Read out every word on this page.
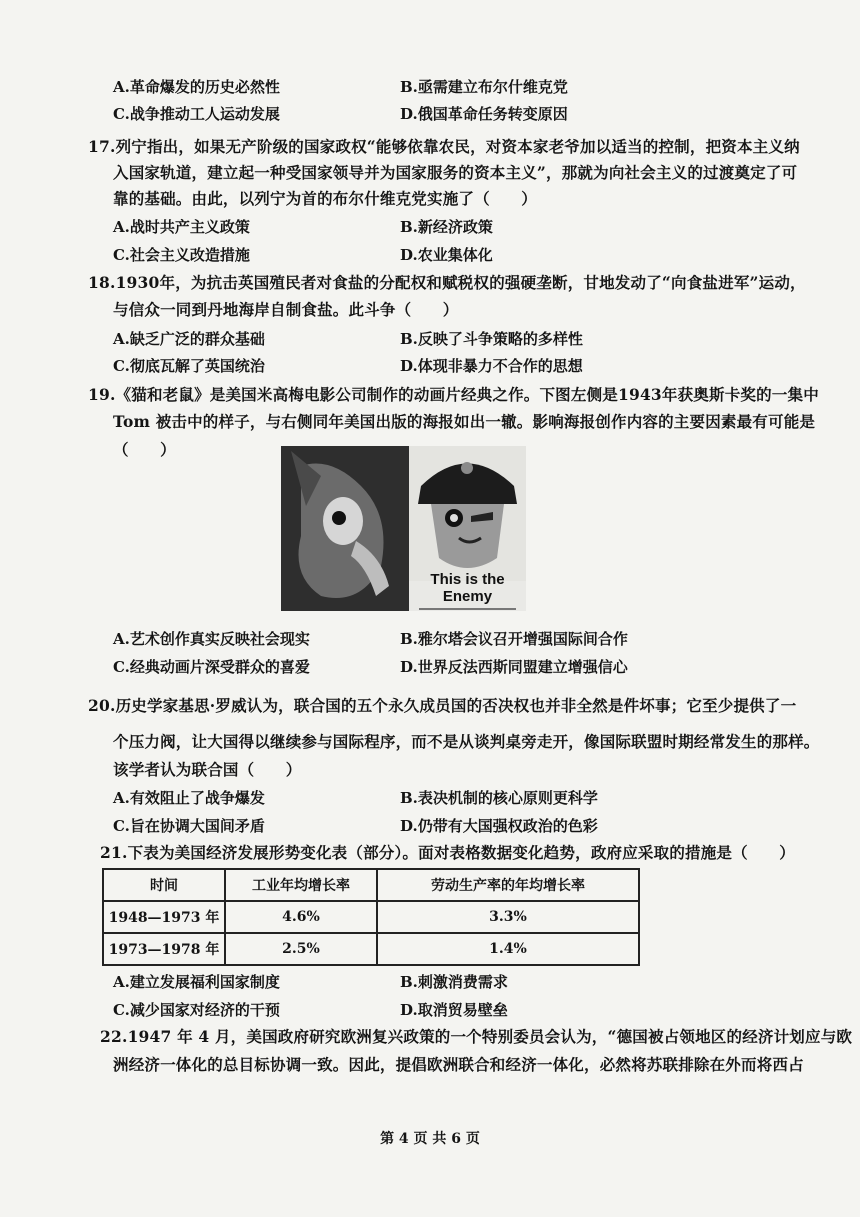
A.革命爆发的历史必然性	B.亟需建立布尔什维克党
C.战争推动工人运动发展	D.俄国革命任务转变原因
17.列宁指出，如果无产阶级的国家政权“能够依靠农民，对资本家老爷加以适当的控制，把资本主义纳
入国家轨道，建立起一种受国家领导并为国家服务的资本主义”，那就为向社会主义的过渡奠定了可
靠的基础。由此，以列宁为首的布尔什维克党实施了（　　）
A.战时共产主义政策	B.新经济政策
C.社会主义改造措施	D.农业集体化
18.1930年，为抗击英国殖民者对食盐的分配权和赋税权的强硬垄断，甘地发动了“向食盐进军”运动，
与信众一同到丹地海岸自制食盐。此斗争（　　）
A.缺乏广泛的群众基础	B.反映了斗争策略的多样性
C.彻底瓦解了英国统治	D.体现非暴力不合作的思想
19.《猫和老鼠》是美国米高梅电影公司制作的动画片经典之作。下图左侧是1943年获奥斯卡奖的一集中
Tom 被击中的样子，与右侧同年美国出版的海报如出一辙。影响海报创作内容的主要因素最有可能是
（　　）
This is the Enemy
A.艺术创作真实反映社会现实	B.雅尔塔会议召开增强国际间合作
C.经典动画片深受群众的喜爱	D.世界反法西斯同盟建立增强信心
20.历史学家基思·罗威认为，联合国的五个永久成员国的否决权也并非全然是件坏事；它至少提供了一
个压力阀，让大国得以继续参与国际程序，而不是从谈判桌旁走开，像国际联盟时期经常发生的那样。
该学者认为联合国（　　）
A.有效阻止了战争爆发	B.表决机制的核心原则更科学
C.旨在协调大国间矛盾	D.仍带有大国强权政治的色彩
21.下表为美国经济发展形势变化表（部分）。面对表格数据变化趋势，政府应采取的措施是（　　）
时间	工业年均增长率	劳动生产率的年均增长率
1948—1973 年	4.6%	3.3%
1973—1978 年	2.5%	1.4%
A.建立发展福利国家制度	B.刺激消费需求
C.减少国家对经济的干预	D.取消贸易壁垒
22.1947 年 4 月，美国政府研究欧洲复兴政策的一个特别委员会认为，“德国被占领地区的经济计划应与欧
洲经济一体化的总目标协调一致。因此，提倡欧洲联合和经济一体化，必然将苏联排除在外而将西占
第 4 页 共 6 页
